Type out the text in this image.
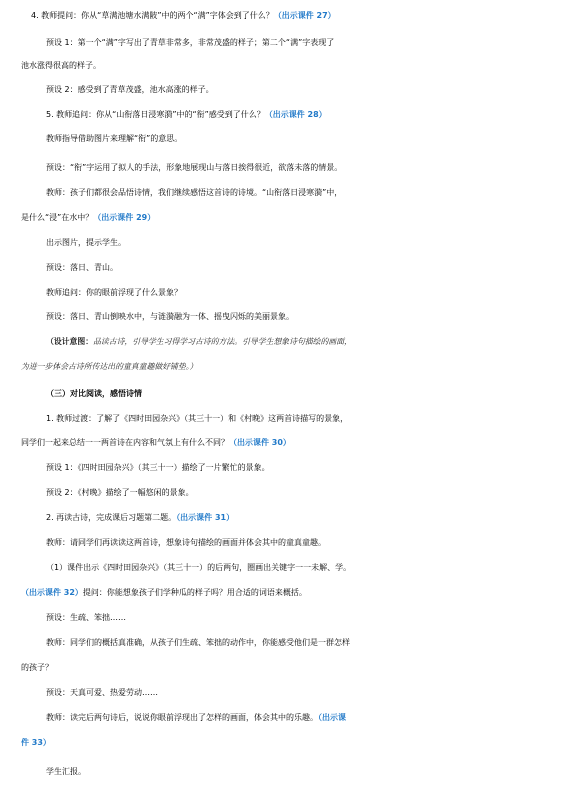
4. 教师提问：你从“草满池塘水满陂”中的两个“满”字体会到了什么？（出示课件 27）
预设 1：第一个“满”字写出了青草非常多，非常茂盛的样子；第二个“满”字表现了
池水涨得很高的样子。
预设 2：感受到了青草茂盛，池水高涨的样子。
5. 教师追问：你从“山衔落日浸寒漪”中的“衔”感受到了什么？（出示课件 28）
教师指导借助图片来理解“衔”的意思。
预设：“衔”字运用了拟人的手法，形象地展现山与落日挨得很近，欲落未落的情景。
教师：孩子们都很会品悟诗情，我们继续感悟这首诗的诗境。“山衔落日浸寒漪”中，
是什么“浸”在水中？（出示课件 29）
出示图片，提示学生。
预设：落日、青山。
教师追问：你的眼前浮现了什么景象？
预设：落日、青山倒映水中，与涟漪融为一体、摇曳闪烁的美丽景象。
（设计意图：品读古诗，引导学生习得学习古诗的方法。引导学生想象诗句描绘的画面，
为进一步体会古诗所传达出的童真童趣做好铺垫。）
（三）对比阅读，感悟诗情
1. 教师过渡：了解了《四时田园杂兴》（其三十一）和《村晚》这两首诗描写的景象，
同学们一起来总结一一两首诗在内容和气氛上有什么不同？（出示课件 30）
预设 1：《四时田园杂兴》（其三十一）描绘了一片繁忙的景象。
预设 2：《村晚》描绘了一幅悠闲的景象。
2. 再读古诗，完成课后习题第二题。（出示课件 31）
教师：请同学们再读读这两首诗，想象诗句描绘的画面并体会其中的童真童趣。
（1）课件出示《四时田园杂兴》（其三十一）的后两句，圈画出关键字一一未解、学。
（出示课件 32）提问：你能想象孩子们学种瓜的样子吗？用合适的词语来概括。
预设：生疏、笨拙……
教师：同学们的概括真准确，从孩子们生疏、笨拙的动作中，你能感受他们是一群怎样
的孩子？
预设：天真可爱、热爱劳动……
教师：读完后两句诗后，说说你眼前浮现出了怎样的画面，体会其中的乐趣。（出示课
件 33）
学生汇报。
